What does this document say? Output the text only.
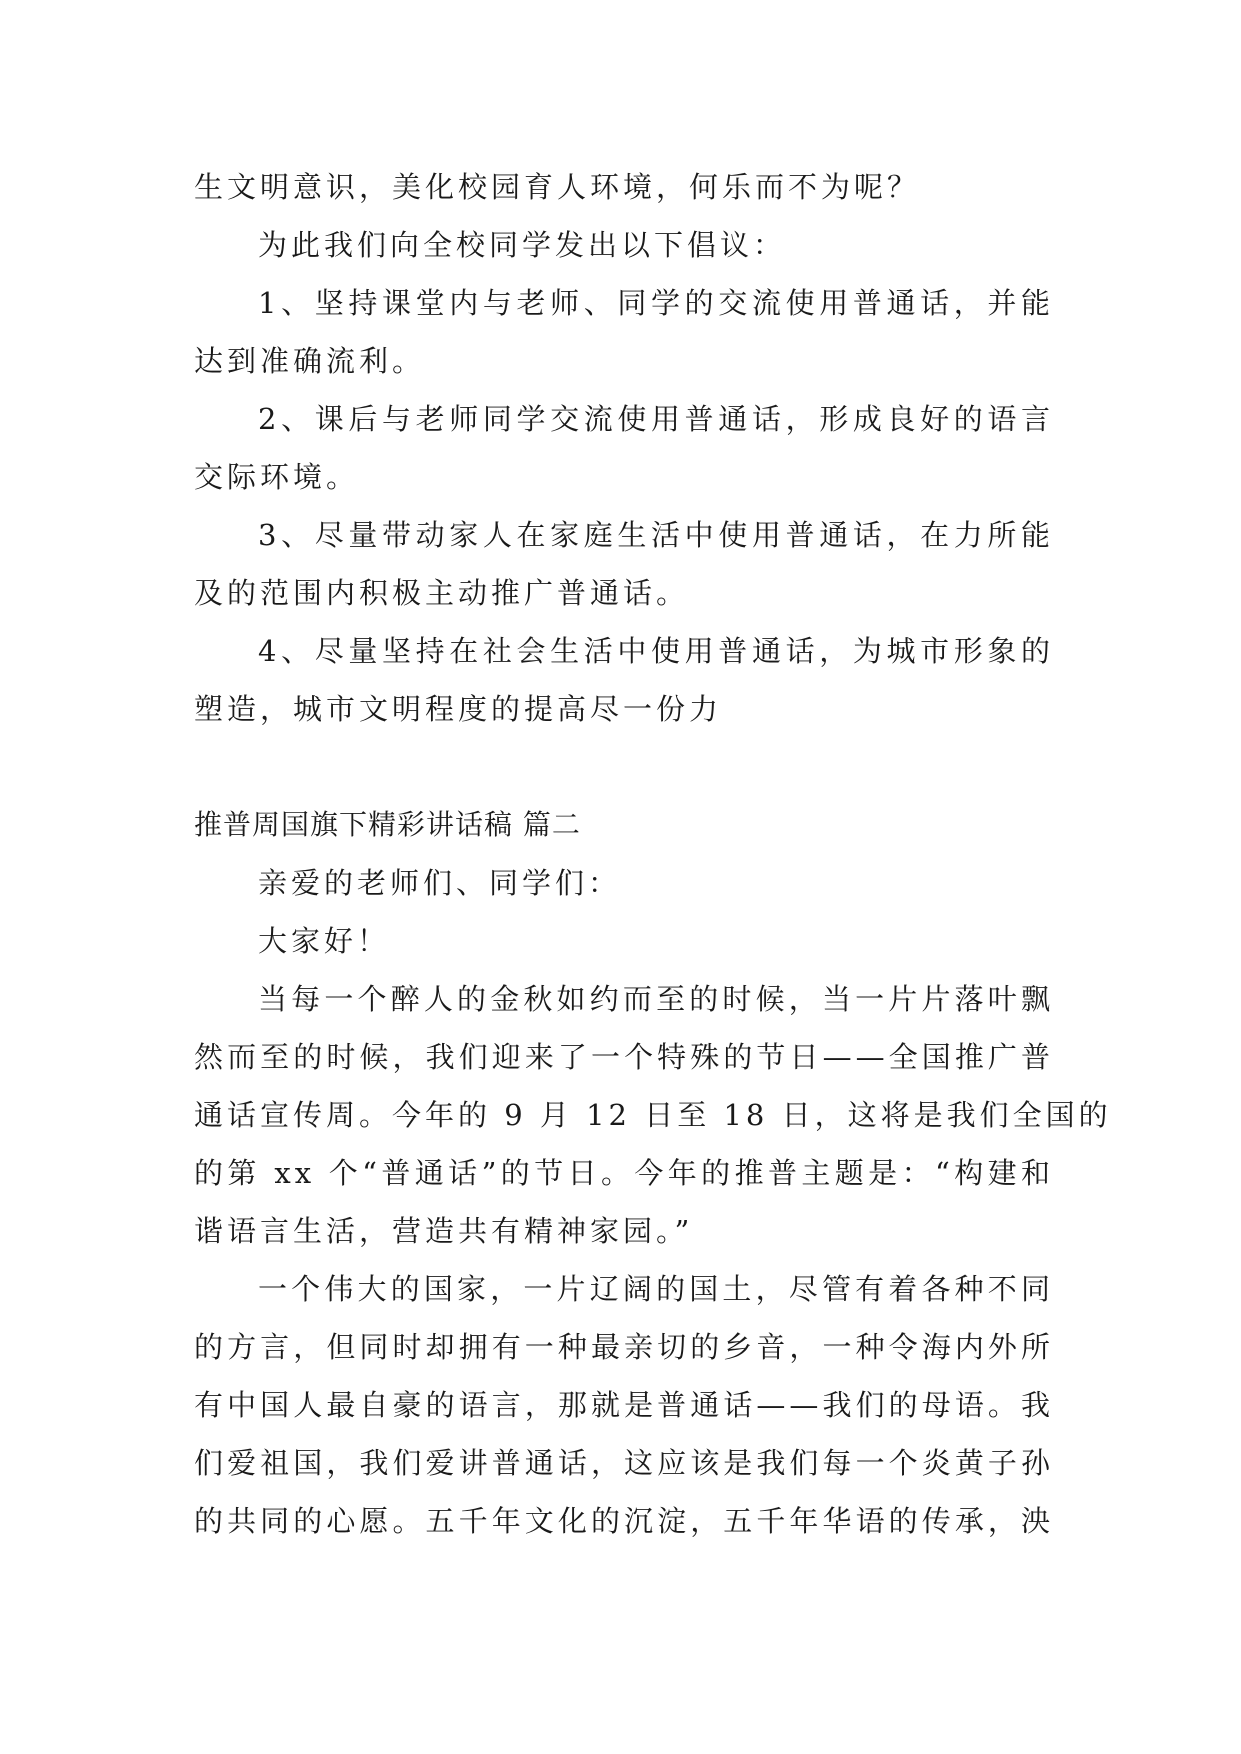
生文明意识，美化校园育人环境，何乐而不为呢？
为此我们向全校同学发出以下倡议：
1、坚持课堂内与老师、同学的交流使用普通话，并能
达到准确流利。
2、课后与老师同学交流使用普通话，形成良好的语言
交际环境。
3、尽量带动家人在家庭生活中使用普通话，在力所能
及的范围内积极主动推广普通话。
4、尽量坚持在社会生活中使用普通话，为城市形象的
塑造，城市文明程度的提高尽一份力
推普周国旗下精彩讲话稿 篇二
亲爱的老师们、同学们：
大家好！
当每一个醉人的金秋如约而至的时候，当一片片落叶飘
然而至的时候，我们迎来了一个特殊的节日——全国推广普
通话宣传周。今年的 9 月 12 日至 18 日，这将是我们全国的
的第 xx 个“普通话”的节日。今年的推普主题是：“构建和
谐语言生活，营造共有精神家园。”
一个伟大的国家，一片辽阔的国土，尽管有着各种不同
的方言，但同时却拥有一种最亲切的乡音，一种令海内外所
有中国人最自豪的语言，那就是普通话——我们的母语。我
们爱祖国，我们爱讲普通话，这应该是我们每一个炎黄子孙
的共同的心愿。五千年文化的沉淀，五千年华语的传承，泱
